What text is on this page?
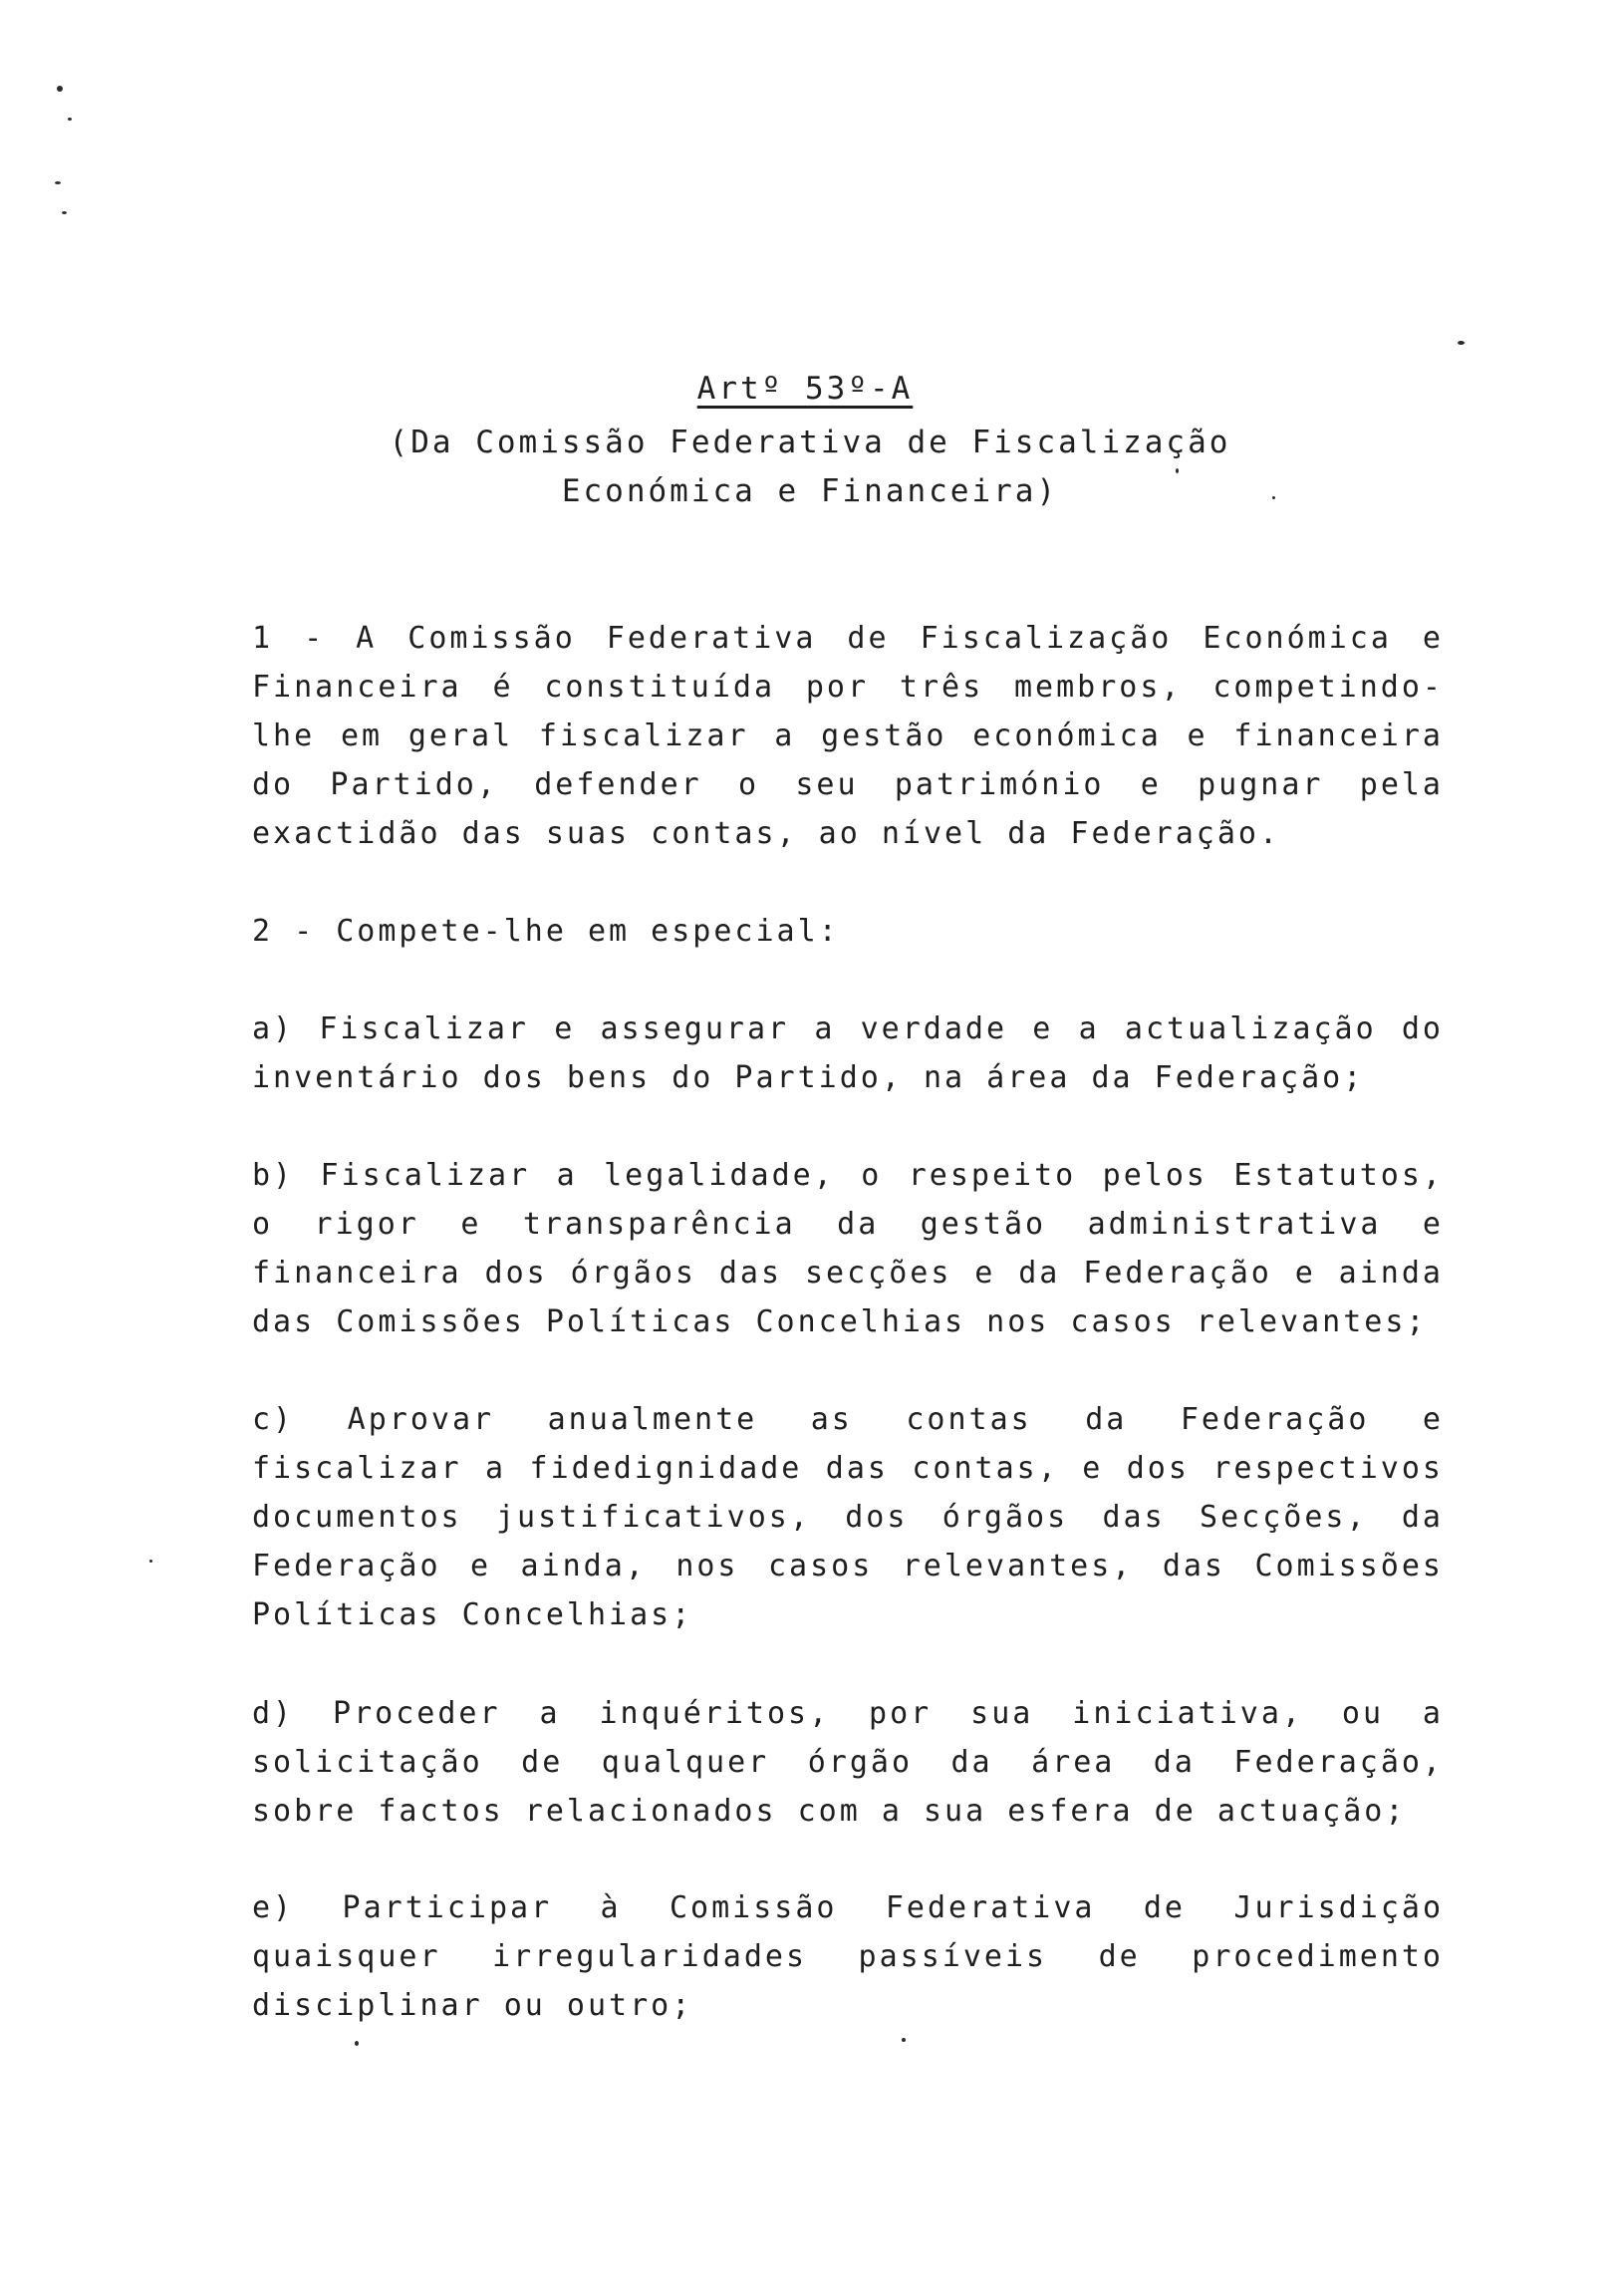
Artº 53º-A
(Da Comissão Federativa de Fiscalização Económica e Financeira)
1 - A Comissão Federativa de Fiscalização Económica e Financeira é constituída por três membros, competindo-lhe em geral fiscalizar a gestão económica e financeira do Partido, defender o seu património e pugnar pela exactidão das suas contas, ao nível da Federação.
2 - Compete-lhe em especial:
a) Fiscalizar e assegurar a verdade e a actualização do inventário dos bens do Partido, na área da Federação;
b) Fiscalizar a legalidade, o respeito pelos Estatutos, o rigor e transparência da gestão administrativa e financeira dos órgãos das secções e da Federação e ainda das Comissões Políticas Concelhias nos casos relevantes;
c) Aprovar anualmente as contas da Federação e fiscalizar a fidedignidade das contas, e dos respectivos documentos justificativos, dos órgãos das Secções, da Federação e ainda, nos casos relevantes, das Comissões Políticas Concelhias;
d) Proceder a inquéritos, por sua iniciativa, ou a solicitação de qualquer órgão da área da Federação, sobre factos relacionados com a sua esfera de actuação;
e) Participar à Comissão Federativa de Jurisdição quaisquer irregularidades passíveis de procedimento disciplinar ou outro;
